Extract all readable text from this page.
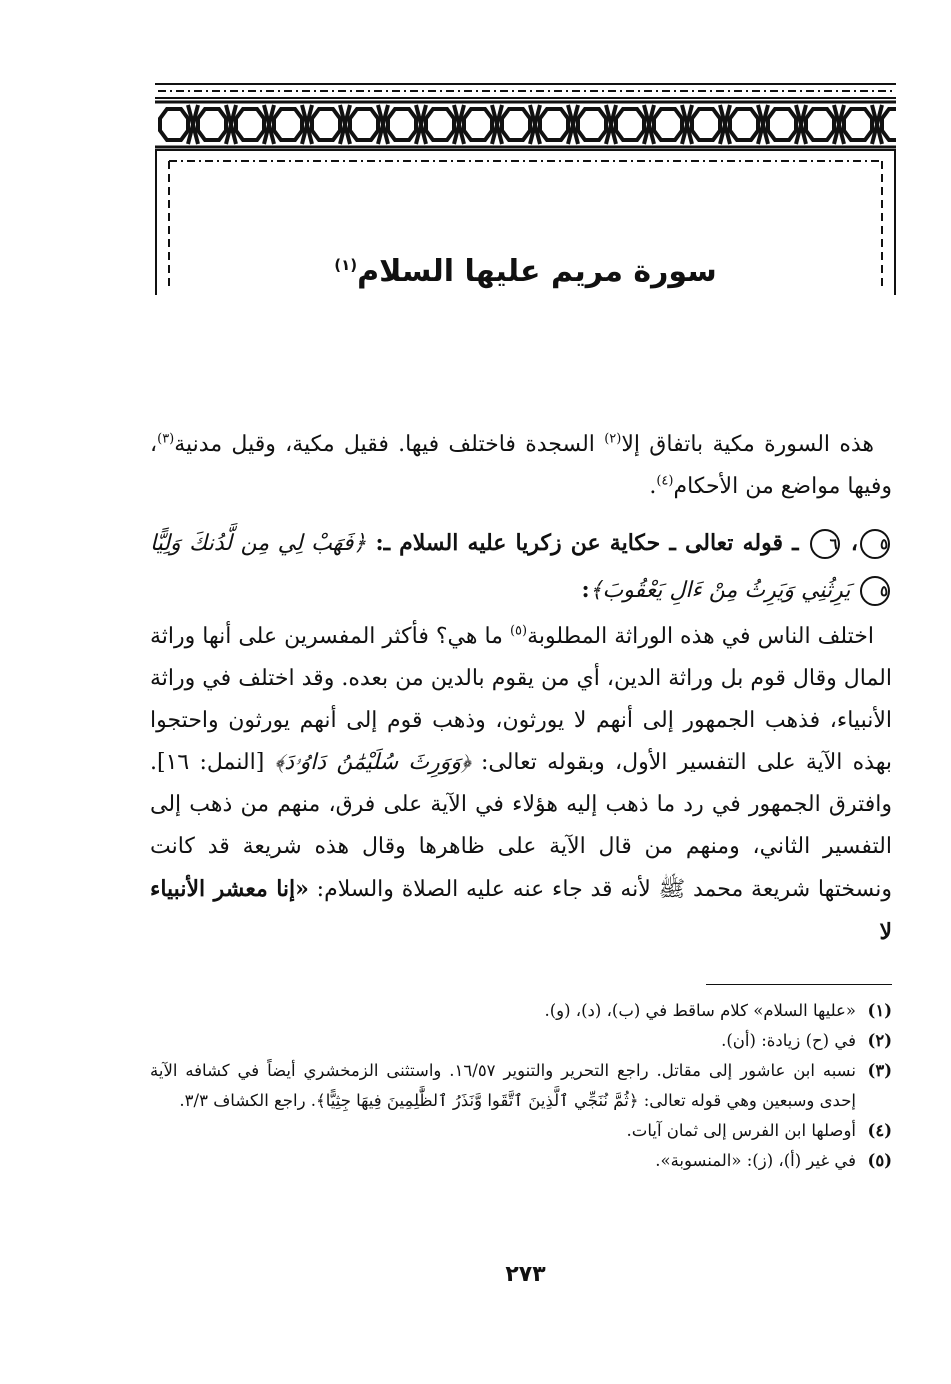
سورة مريم عليها السلام$^{(١)}$

هذه السورة مكية باتفاق إلا$^{(٢)}$ السجدة فاختلف فيها. فقيل مكية، وقيل مدنية$^{(٣)}$، وفيها مواضع من الأحكام$^{(٤)}$.

٥، ٦ ـ قوله تعالى ـ حكاية عن زكريا عليه السلام ـ: ﴿فَهَبْ لِي مِن لَّدُنكَ وَلِيًّا ٥ يَرِثُنِي وَيَرِثُ مِنْ ءَالِ يَعْقُوبَ﴾:

اختلف الناس في هذه الوراثة المطلوبة$^{(٥)}$ ما هي؟ فأكثر المفسرين على أنها وراثة المال وقال قوم بل وراثة الدين، أي من يقوم بالدين من بعده. وقد اختلف في وراثة الأنبياء، فذهب الجمهور إلى أنهم لا يورثون، وذهب قوم إلى أنهم يورثون واحتجوا بهذه الآية على التفسير الأول، وبقوله تعالى: ﴿وَوَرِثَ سُلَيْمَٰنُ دَاوُۥدَ﴾ [النمل: ١٦]. وافترق الجمهور في رد ما ذهب إليه هؤلاء في الآية على فرق، منهم من ذهب إلى التفسير الثاني، ومنهم من قال الآية على ظاهرها وقال هذه شريعة قد كانت ونسختها شريعة محمد ﷺ لأنه قد جاء عنه عليه الصلاة والسلام: «إنا معشر الأنبياء لا

(١)
«عليها السلام» كلام ساقط في (ب)، (د)، (و).
(٢)
في (ح) زيادة: (أن).
(٣)
نسبه ابن عاشور إلى مقاتل. راجع التحرير والتنوير ١٦/٥٧. واستثنى الزمخشري أيضاً في كشافه الآية إحدى وسبعين وهي قوله تعالى: ﴿ثُمَّ نُنَجِّي ٱلَّذِينَ ٱتَّقَوا وَّنَذَرُ ٱلظَّٰلِمِينَ فِيهَا جِثِيًّا﴾. راجع الكشاف ٣/٣.
(٤)
أوصلها ابن الفرس إلى ثمان آيات.
(٥)
في غير (أ)، (ز): «المنسوبة».
٢٧٣
